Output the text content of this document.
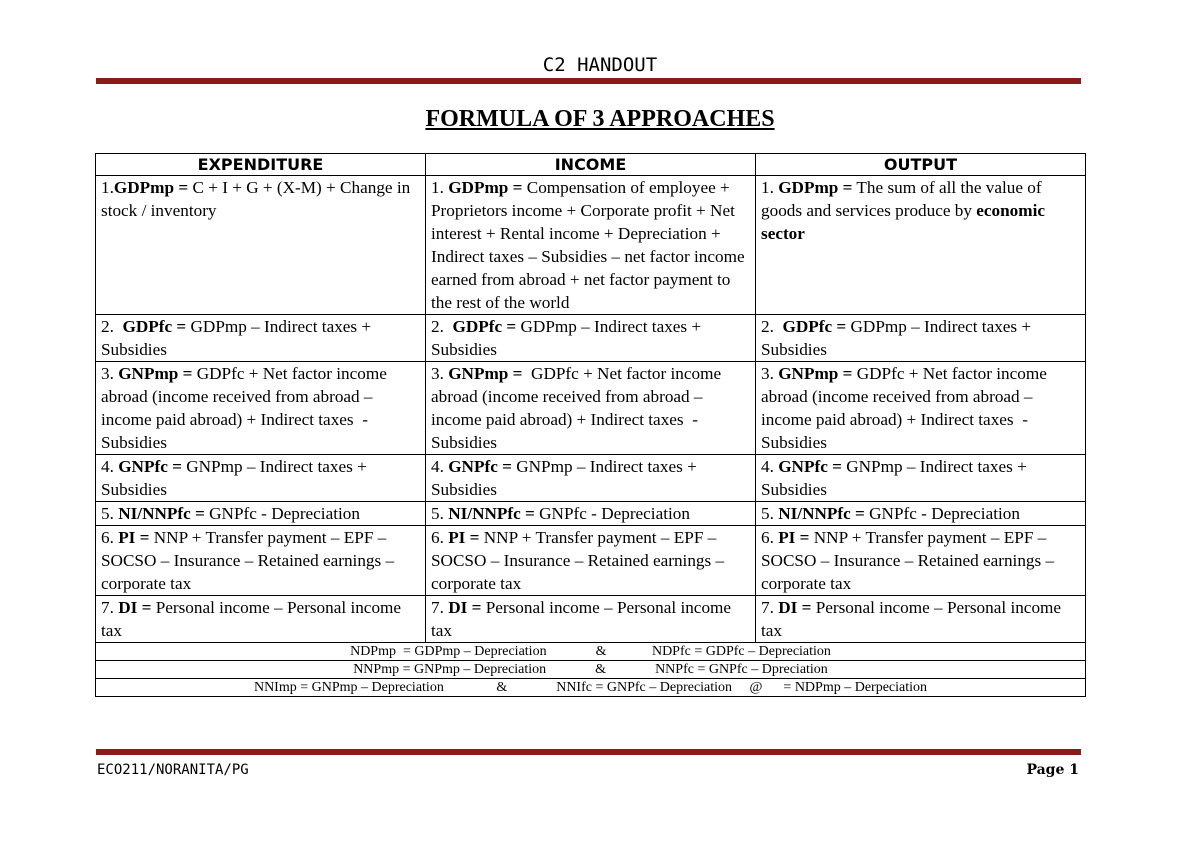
C2 HANDOUT
FORMULA OF 3 APPROACHES
EXPENDITURE	INCOME	OUTPUT
1.GDPmp = C + I + G + (X-M) + Change in stock / inventory	1. GDPmp = Compensation of employee + Proprietors income + Corporate profit + Net interest + Rental income + Depreciation + Indirect taxes – Subsidies – net factor income earned from abroad + net factor payment to the rest of the world	1. GDPmp = The sum of all the value of goods and services produce by economic sector
2.  GDPfc = GDPmp – Indirect taxes + Subsidies	2.  GDPfc = GDPmp – Indirect taxes + Subsidies	2.  GDPfc = GDPmp – Indirect taxes + Subsidies
3. GNPmp = GDPfc + Net factor income abroad (income received from abroad – income paid abroad) + Indirect taxes  - Subsidies	3. GNPmp =  GDPfc + Net factor income abroad (income received from abroad – income paid abroad) + Indirect taxes  - Subsidies	3. GNPmp = GDPfc + Net factor income abroad (income received from abroad – income paid abroad) + Indirect taxes  - Subsidies
4. GNPfc = GNPmp – Indirect taxes + Subsidies	4. GNPfc = GNPmp – Indirect taxes + Subsidies	4. GNPfc = GNPmp – Indirect taxes + Subsidies
5. NI/NNPfc = GNPfc - Depreciation	5. NI/NNPfc = GNPfc - Depreciation	5. NI/NNPfc = GNPfc - Depreciation
6. PI = NNP + Transfer payment – EPF – SOCSO – Insurance – Retained earnings – corporate tax	6. PI = NNP + Transfer payment – EPF – SOCSO – Insurance – Retained earnings – corporate tax	6. PI = NNP + Transfer payment – EPF – SOCSO – Insurance – Retained earnings – corporate tax
7. DI = Personal income – Personal income tax	7. DI = Personal income – Personal income tax	7. DI = Personal income – Personal income tax
NDPmp  = GDPmp – Depreciation              &             NDPfc = GDPfc – Depreciation		
NNPmp = GNPmp – Depreciation              &              NNPfc = GNPfc – Dpreciation		
NNImp = GNPmp – Depreciation               &              NNIfc = GNPfc – Depreciation     @      = NDPmp – Derpeciation		
ECO211/NORANITA/PG	Page 1
